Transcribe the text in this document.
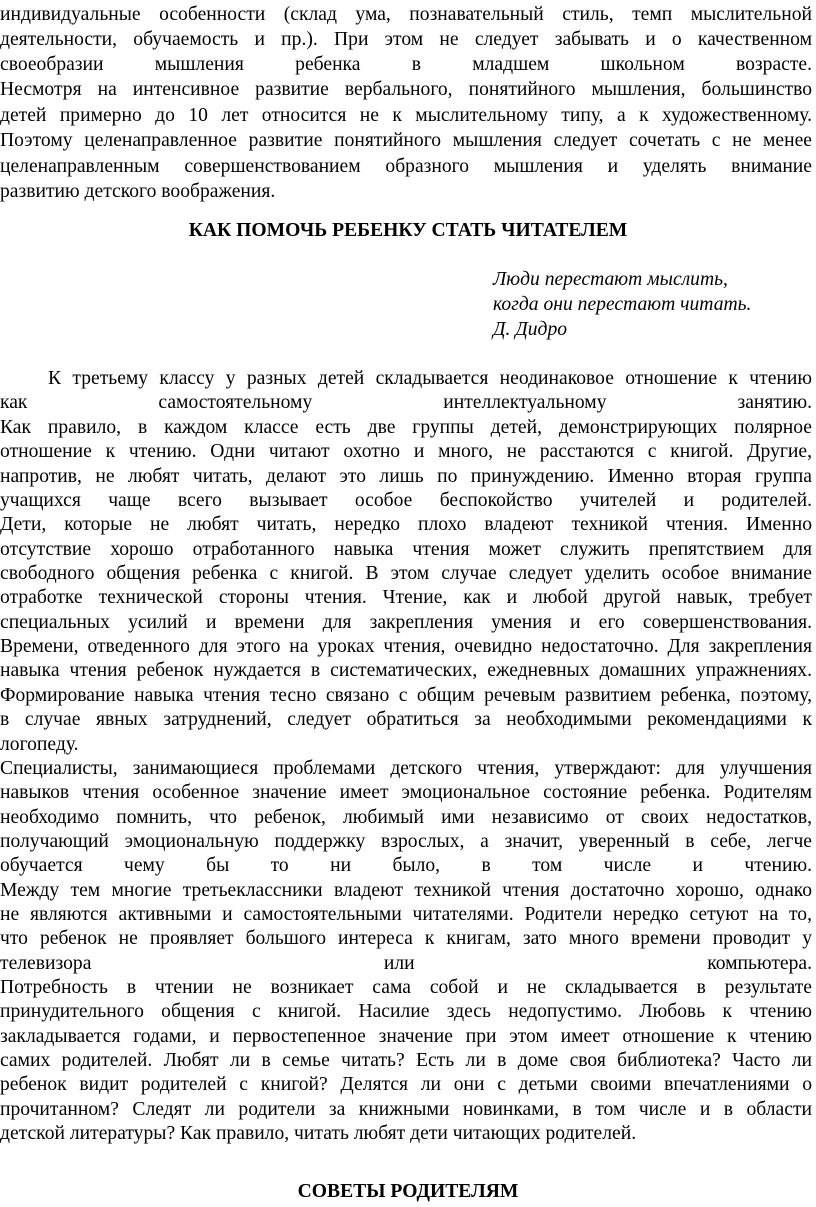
индивидуальные особенности (склад ума, познавательный стиль, темп мыслительной
деятельности, обучаемость и пр.). При этом не следует забывать и о качественном
своеобразии мышления ребенка в младшем школьном возрасте.
Несмотря на интенсивное развитие вербального, понятийного мышления, большинство
детей примерно до 10 лет относится не к мыслительному типу, а к художественному.
Поэтому целенаправленное развитие понятийного мышления следует сочетать с не менее
целенаправленным совершенствованием образного мышления и уделять внимание
развитию детского воображения.
КАК ПОМОЧЬ РЕБЕНКУ СТАТЬ ЧИТАТЕЛЕМ
Люди перестают мыслить,
когда они перестают читать.
Д. Дидро
К третьему классу у разных детей складывается неодинаковое отношение к чтению
как самостоятельному интеллектуальному занятию.
Как правило, в каждом классе есть две группы детей, демонстрирующих полярное
отношение к чтению. Одни читают охотно и много, не расстаются с книгой. Другие,
напротив, не любят читать, делают это лишь по принуждению. Именно вторая группа
учащихся чаще всего вызывает особое беспокойство учителей и родителей.
Дети, которые не любят читать, нередко плохо владеют техникой чтения. Именно
отсутствие хорошо отработанного навыка чтения может служить препятствием для
свободного общения ребенка с книгой. В этом случае следует уделить особое внимание
отработке технической стороны чтения. Чтение, как и любой другой навык, требует
специальных усилий и времени для закрепления умения и его совершенствования.
Времени, отведенного для этого на уроках чтения, очевидно недостаточно. Для закрепления
навыка чтения ребенок нуждается в систематических, ежедневных домашних упражнениях.
Формирование навыка чтения тесно связано с общим речевым развитием ребенка, поэтому,
в случае явных затруднений, следует обратиться за необходимыми рекомендациями к
логопеду.
Специалисты, занимающиеся проблемами детского чтения, утверждают: для улучшения
навыков чтения особенное значение имеет эмоциональное состояние ребенка. Родителям
необходимо помнить, что ребенок, любимый ими независимо от своих недостатков,
получающий эмоциональную поддержку взрослых, а значит, уверенный в себе, легче
обучается чему бы то ни было, в том числе и чтению.
Между тем многие третьеклассники владеют техникой чтения достаточно хорошо, однако
не являются активными и самостоятельными читателями. Родители нередко сетуют на то,
что ребенок не проявляет большого интереса к книгам, зато много времени проводит у
телевизора или компьютера.
Потребность в чтении не возникает сама собой и не складывается в результате
принудительного общения с книгой. Насилие здесь недопустимо. Любовь к чтению
закладывается годами, и первостепенное значение при этом имеет отношение к чтению
самих родителей. Любят ли в семье читать? Есть ли в доме своя библиотека? Часто ли
ребенок видит родителей с книгой? Делятся ли они с детьми своими впечатлениями о
прочитанном? Следят ли родители за книжными новинками, в том числе и в области
детской литературы? Как правило, читать любят дети читающих родителей.
СОВЕТЫ РОДИТЕЛЯМ
